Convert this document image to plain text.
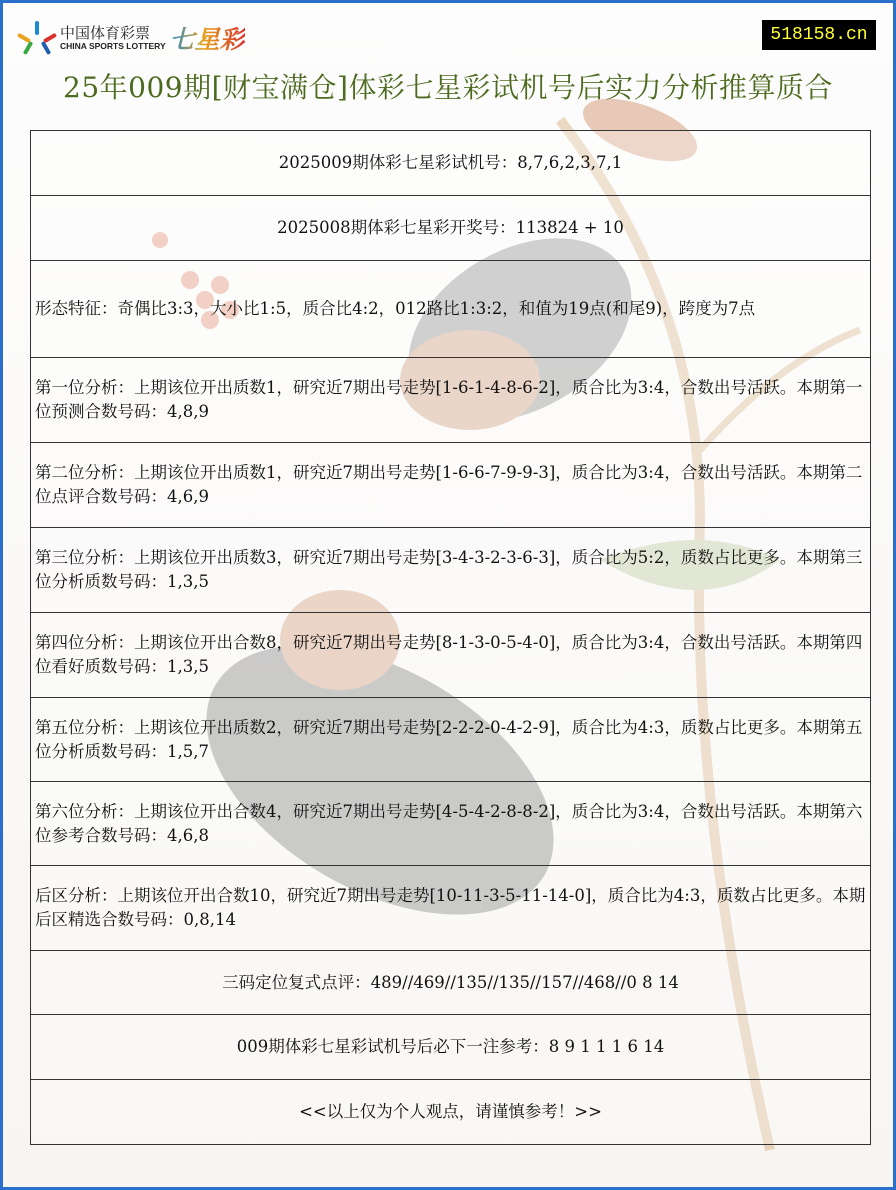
中国体育彩票
CHINA SPORTS LOTTERY 七星彩	518158.cn
25年009期[财宝满仓]体彩七星彩试机号后实力分析推算质合
2025009期体彩七星彩试机号：8,7,6,2,3,7,1
2025008期体彩七星彩开奖号：113824 + 10
形态特征：奇偶比3:3，大小比1:5，质合比4:2，012路比1:3:2，和值为19点(和尾9)，跨度为7点
第一位分析：上期该位开出质数1，研究近7期出号走势[1-6-1-4-8-6-2]，质合比为3:4，合数出号活跃。本期第一位预测合数号码：4,8,9
第二位分析：上期该位开出质数1，研究近7期出号走势[1-6-6-7-9-9-3]，质合比为3:4，合数出号活跃。本期第二位点评合数号码：4,6,9
第三位分析：上期该位开出质数3，研究近7期出号走势[3-4-3-2-3-6-3]，质合比为5:2，质数占比更多。本期第三位分析质数号码：1,3,5
第四位分析：上期该位开出合数8，研究近7期出号走势[8-1-3-0-5-4-0]，质合比为3:4，合数出号活跃。本期第四位看好质数号码：1,3,5
第五位分析：上期该位开出质数2，研究近7期出号走势[2-2-2-0-4-2-9]，质合比为4:3，质数占比更多。本期第五位分析质数号码：1,5,7
第六位分析：上期该位开出合数4，研究近7期出号走势[4-5-4-2-8-8-2]，质合比为3:4，合数出号活跃。本期第六位参考合数号码：4,6,8
后区分析：上期该位开出合数10，研究近7期出号走势[10-11-3-5-11-14-0]，质合比为4:3，质数占比更多。本期后区精选合数号码：0,8,14
三码定位复式点评：489//469//135//135//157//468//0 8 14
009期体彩七星彩试机号后必下一注参考：8 9 1 1 1 6 14
<<以上仅为个人观点，请谨慎参考！>>
